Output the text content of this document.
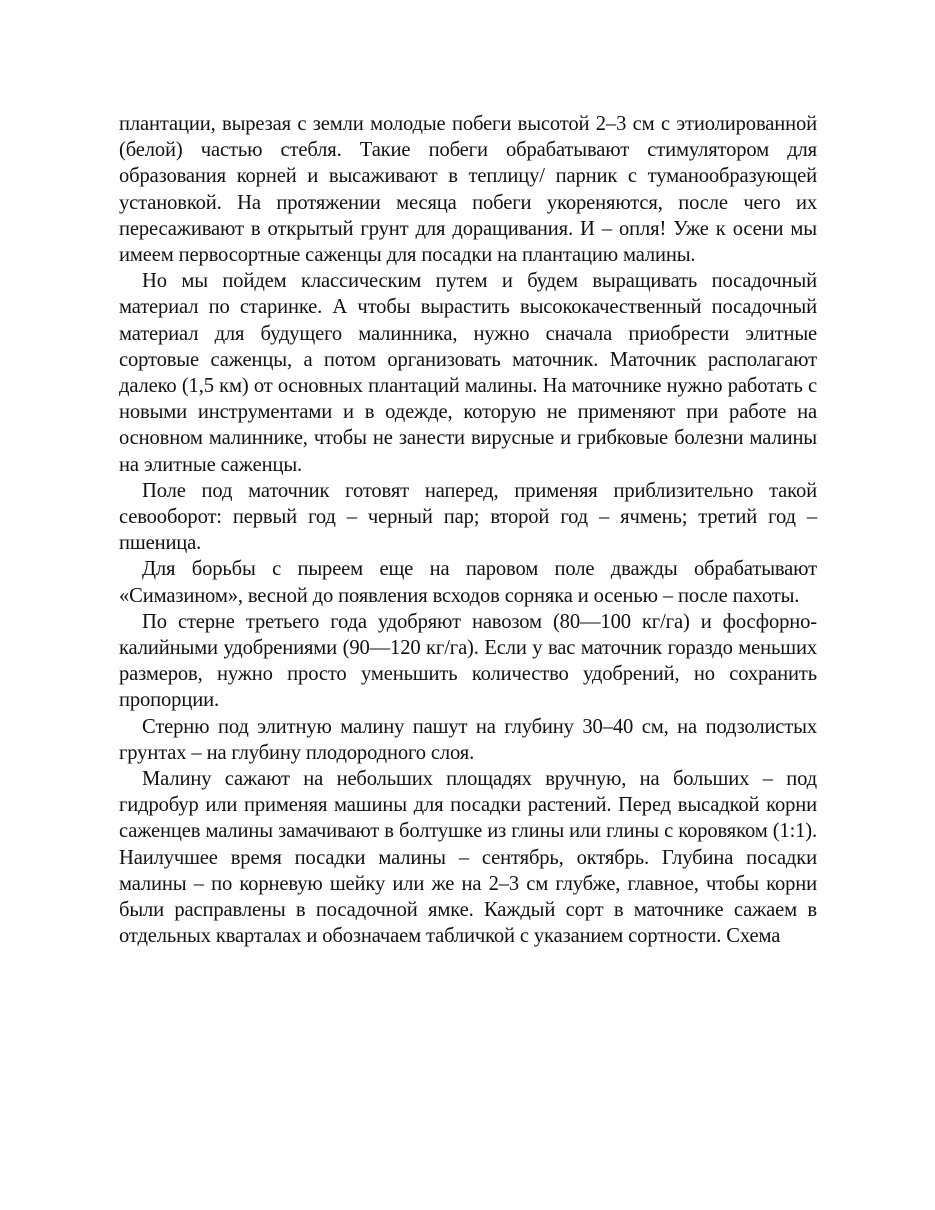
плантации, вырезая с земли молодые побеги высотой 2–3 см с этиолированной (белой) частью стебля. Такие побеги обрабатывают стимулятором для образования корней и высаживают в теплицу/ парник с туманообразующей установкой. На протяжении месяца побеги укореняются, после чего их пересаживают в открытый грунт для доращивания. И – опля! Уже к осени мы имеем первосортные саженцы для посадки на плантацию малины.

Но мы пойдем классическим путем и будем выращивать посадочный материал по старинке. А чтобы вырастить высококачественный посадочный материал для будущего малинника, нужно сначала приобрести элитные сортовые саженцы, а потом организовать маточник. Маточник располагают далеко (1,5 км) от основных плантаций малины. На маточнике нужно работать с новыми инструментами и в одежде, которую не применяют при работе на основном малиннике, чтобы не занести вирусные и грибковые болезни малины на элитные саженцы.

Поле под маточник готовят наперед, применяя приблизительно такой севооборот: первый год – черный пар; второй год – ячмень; третий год – пшеница.

Для борьбы с пыреем еще на паровом поле дважды обрабатывают «Симазином», весной до появления всходов сорняка и осенью – после пахоты.

По стерне третьего года удобряют навозом (80—100 кг/га) и фосфорно-калийными удобрениями (90—120 кг/га). Если у вас маточник гораздо меньших размеров, нужно просто уменьшить количество удобрений, но сохранить пропорции.

Стерню под элитную малину пашут на глубину 30–40 см, на подзолистых грунтах – на глубину плодородного слоя.

Малину сажают на небольших площадях вручную, на больших – под гидробур или применяя машины для посадки растений. Перед высадкой корни саженцев малины замачивают в болтушке из глины или глины с коровяком (1:1). Наилучшее время посадки малины – сентябрь, октябрь. Глубина посадки малины – по корневую шейку или же на 2–3 см глубже, главное, чтобы корни были расправлены в посадочной ямке. Каждый сорт в маточнике сажаем в отдельных кварталах и обозначаем табличкой с указанием сортности. Схема
